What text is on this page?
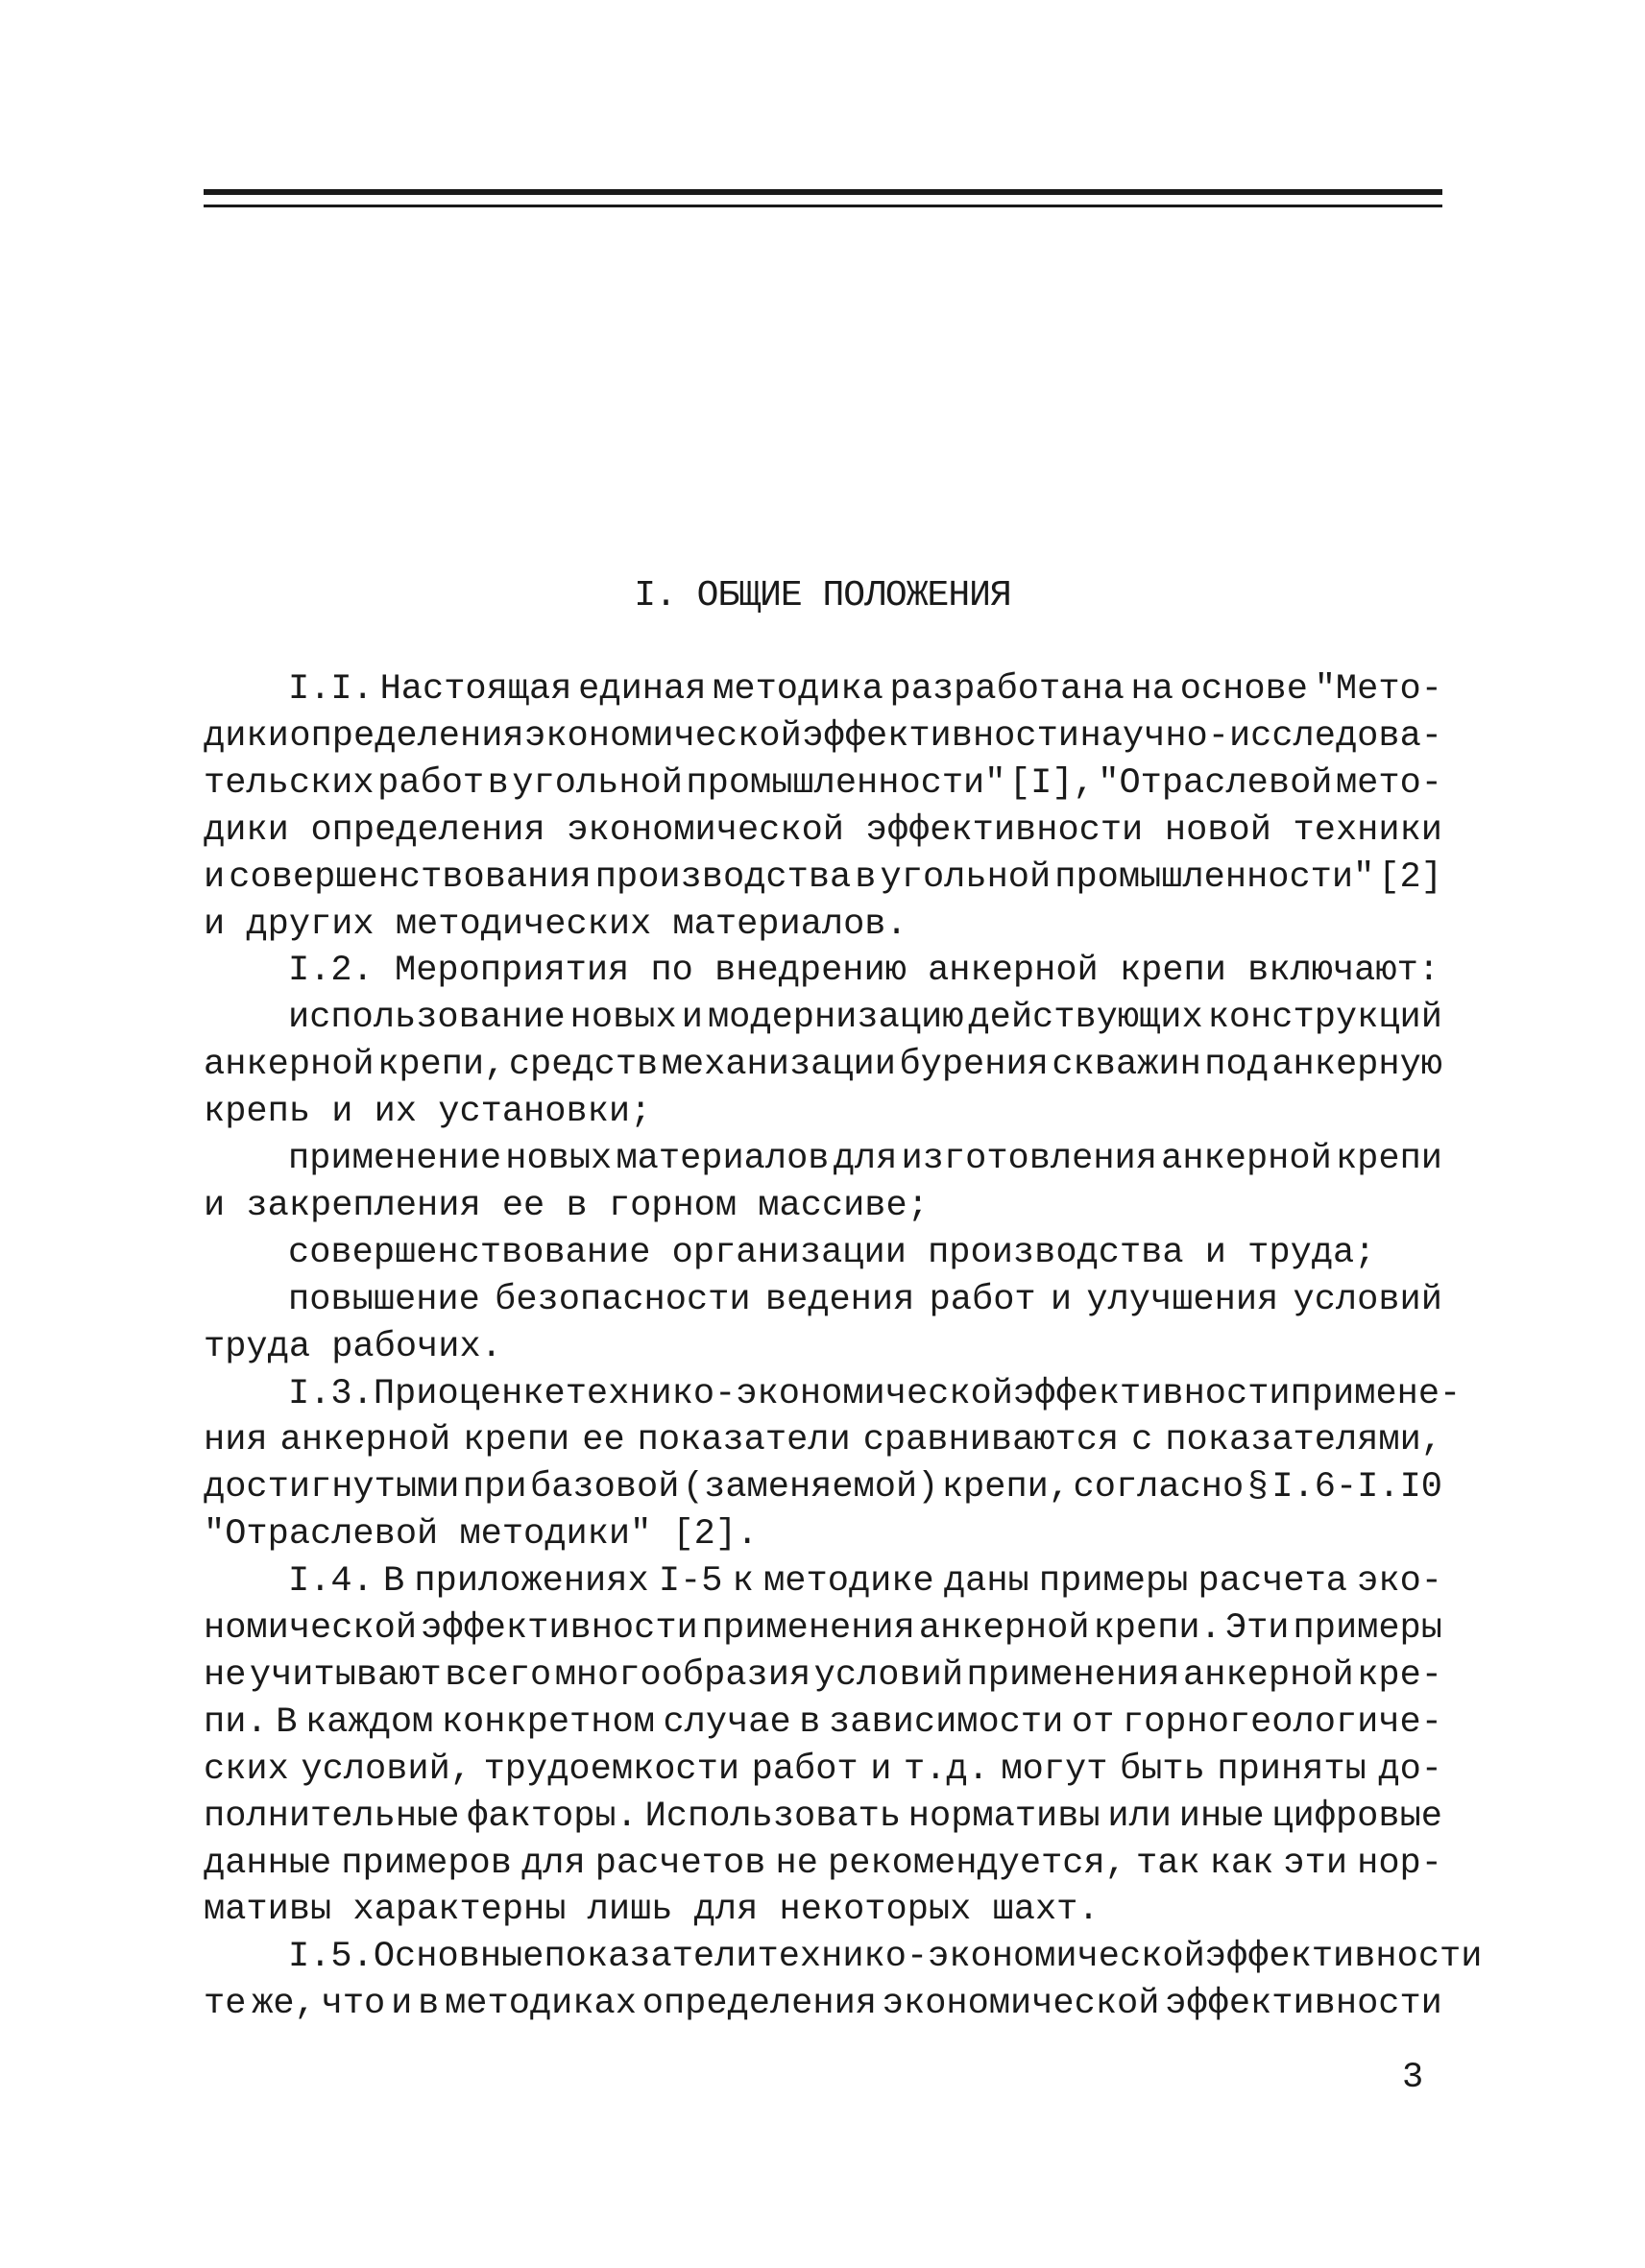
I. ОБЩИЕ ПОЛОЖЕНИЯ
I.I. Настоящая единая методика разработана на основе "Мето-
дики определения экономической эффективности научно-исследова-
тельских работ в угольной промышленности" [I], "Отраслевой мето-
дики определения экономической эффективности новой техники
и совершенствования производства в угольной промышленности" [2]
и других методических материалов.
I.2. Мероприятия по внедрению анкерной крепи включают:
использование новых и модернизацию действующих конструкций
анкерной крепи, средств механизации бурения скважин под анкерную
крепь и их установки;
применение новых материалов для изготовления анкерной крепи
и закрепления ее в горном массиве;
совершенствование организации производства и труда;
повышение безопасности ведения работ и улучшения условий
труда рабочих.
I.3. При оценке технико-экономической эффективности примене-
ния анкерной крепи ее показатели сравниваются с показателями,
достигнутыми при базовой (заменяемой) крепи, согласно § I.6-I.I0
"Отраслевой методики" [2].
I.4. В приложениях I-5 к методике даны примеры расчета эко-
номической эффективности применения анкерной крепи. Эти примеры
не учитывают всего многообразия условий применения анкерной кре-
пи. В каждом конкретном случае в зависимости от горногеологиче-
ских условий, трудоемкости работ и т.д. могут быть приняты до-
полнительные факторы. Использовать нормативы или иные цифровые
данные примеров для расчетов не рекомендуется, так как эти нор-
мативы характерны лишь для некоторых шахт.
I.5. Основные показатели технико-экономической эффективности
те же, что и в методиках определения экономической эффективности
3
